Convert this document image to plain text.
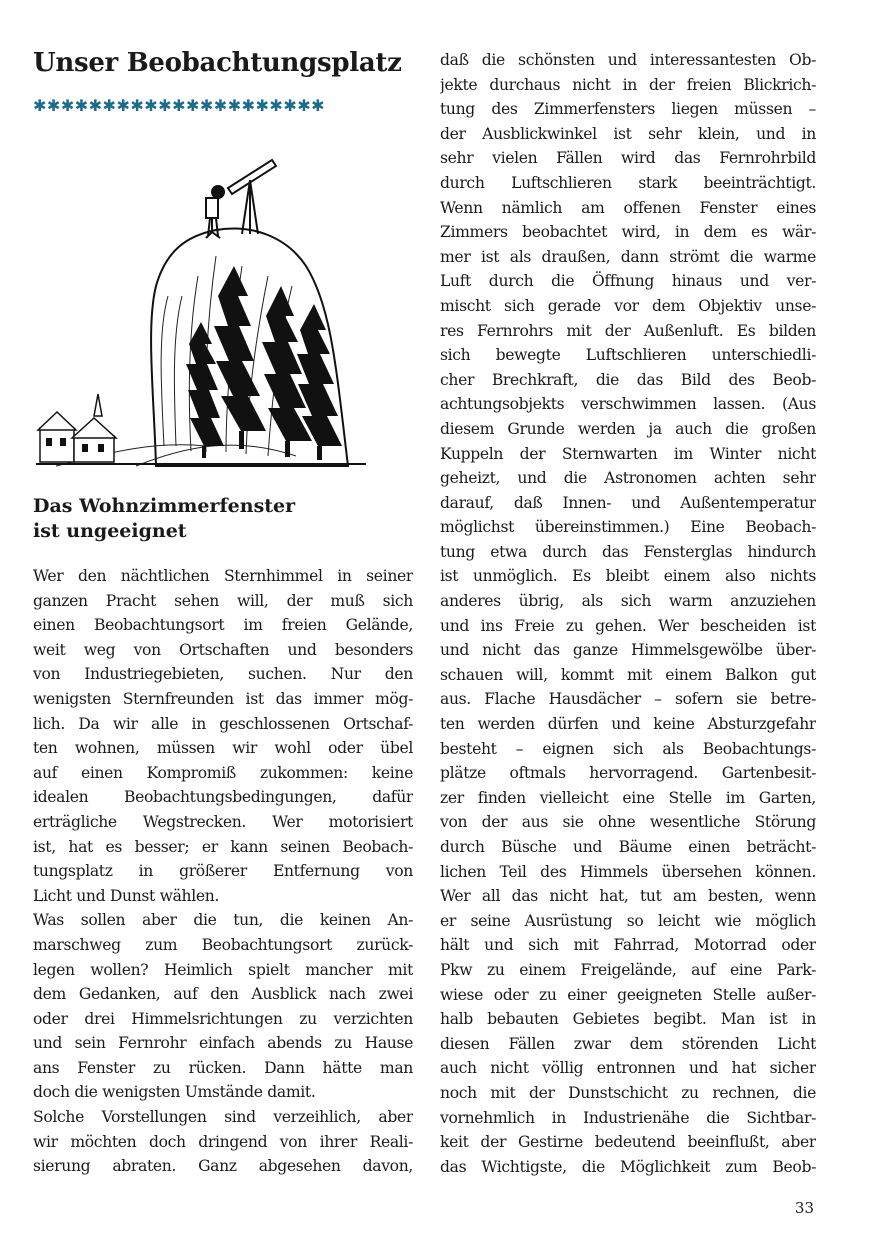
Unser Beobachtungsplatz
✱✱✱✱✱✱✱✱✱✱✱✱✱✱✱✱✱✱✱✱✱
Das Wohnzimmerfenster
ist ungeeignet
Wer den nächtlichen Sternhimmel in seiner
ganzen Pracht sehen will, der muß sich
einen Beobachtungsort im freien Gelände,
weit weg von Ortschaften und besonders
von Industriegebieten, suchen. Nur den
wenigsten Sternfreunden ist das immer mög-
lich. Da wir alle in geschlossenen Ortschaf-
ten wohnen, müssen wir wohl oder übel
auf einen Kompromiß zukommen: keine
idealen Beobachtungsbedingungen, dafür
erträgliche Wegstrecken. Wer motorisiert
ist, hat es besser; er kann seinen Beobach-
tungsplatz in größerer Entfernung von
Licht und Dunst wählen.
Was sollen aber die tun, die keinen An-
marschweg zum Beobachtungsort zurück-
legen wollen? Heimlich spielt mancher mit
dem Gedanken, auf den Ausblick nach zwei
oder drei Himmelsrichtungen zu verzichten
und sein Fernrohr einfach abends zu Hause
ans Fenster zu rücken. Dann hätte man
doch die wenigsten Umstände damit.
Solche Vorstellungen sind verzeihlich, aber
wir möchten doch dringend von ihrer Reali-
sierung abraten. Ganz abgesehen davon,
daß die schönsten und interessantesten Ob-
jekte durchaus nicht in der freien Blickrich-
tung des Zimmerfensters liegen müssen –
der Ausblickwinkel ist sehr klein, und in
sehr vielen Fällen wird das Fernrohrbild
durch Luftschlieren stark beeinträchtigt.
Wenn nämlich am offenen Fenster eines
Zimmers beobachtet wird, in dem es wär-
mer ist als draußen, dann strömt die warme
Luft durch die Öffnung hinaus und ver-
mischt sich gerade vor dem Objektiv unse-
res Fernrohrs mit der Außenluft. Es bilden
sich bewegte Luftschlieren unterschiedli-
cher Brechkraft, die das Bild des Beob-
achtungsobjekts verschwimmen lassen. (Aus
diesem Grunde werden ja auch die großen
Kuppeln der Sternwarten im Winter nicht
geheizt, und die Astronomen achten sehr
darauf, daß Innen- und Außentemperatur
möglichst übereinstimmen.) Eine Beobach-
tung etwa durch das Fensterglas hindurch
ist unmöglich. Es bleibt einem also nichts
anderes übrig, als sich warm anzuziehen
und ins Freie zu gehen. Wer bescheiden ist
und nicht das ganze Himmelsgewölbe über-
schauen will, kommt mit einem Balkon gut
aus. Flache Hausdächer – sofern sie betre-
ten werden dürfen und keine Absturzgefahr
besteht – eignen sich als Beobachtungs-
plätze oftmals hervorragend. Gartenbesit-
zer finden vielleicht eine Stelle im Garten,
von der aus sie ohne wesentliche Störung
durch Büsche und Bäume einen beträcht-
lichen Teil des Himmels übersehen können.
Wer all das nicht hat, tut am besten, wenn
er seine Ausrüstung so leicht wie möglich
hält und sich mit Fahrrad, Motorrad oder
Pkw zu einem Freigelände, auf eine Park-
wiese oder zu einer geeigneten Stelle außer-
halb bebauten Gebietes begibt. Man ist in
diesen Fällen zwar dem störenden Licht
auch nicht völlig entronnen und hat sicher
noch mit der Dunstschicht zu rechnen, die
vornehmlich in Industrienähe die Sichtbar-
keit der Gestirne bedeutend beeinflußt, aber
das Wichtigste, die Möglichkeit zum Beob-
33
